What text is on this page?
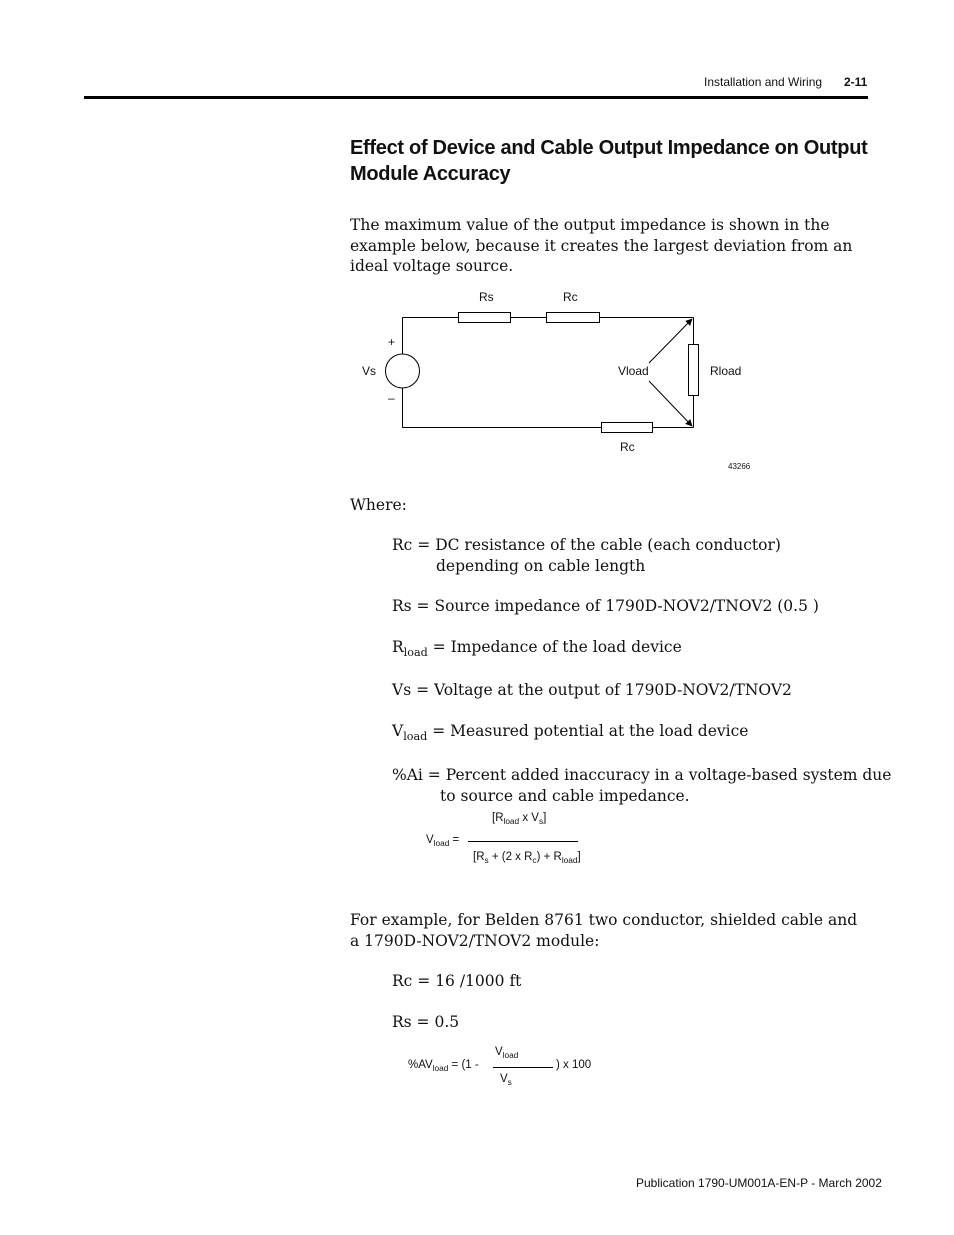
Installation and Wiring 2-11
Effect of Device and Cable Output Impedance on Output Module Accuracy
The maximum value of the output impedance is shown in the example below, because it creates the largest deviation from an ideal voltage source.
Rs	Rc
Rc
Vs
+
–
Vload	Rload
43266
Where:
Rc = DC resistance of the cable (each conductor)
depending on cable length
Rs = Source impedance of 1790D-NOV2/TNOV2 (0.5 )
$R_{load}$ = Impedance of the load device
Vs = Voltage at the output of 1790D-NOV2/TNOV2
$V_{load}$ = Measured potential at the load device
%Ai = Percent added inaccuracy in a voltage-based system due
to source and cable impedance.
$V_{load}$ =
[$R_{load}$ x $V_s$]
[$R_s + (2$ x $R_c) + R_{load}$]
For example, for Belden 8761 two conductor, shielded cable and a 1790D-NOV2/TNOV2 module:
Rc = 16 /1000 ft
Rs = 0.5
$\%AV_{load} = (1$ -
$V_{load}$
$V_s$
) x 100
Publication 1790-UM001A-EN-P - March 2002
